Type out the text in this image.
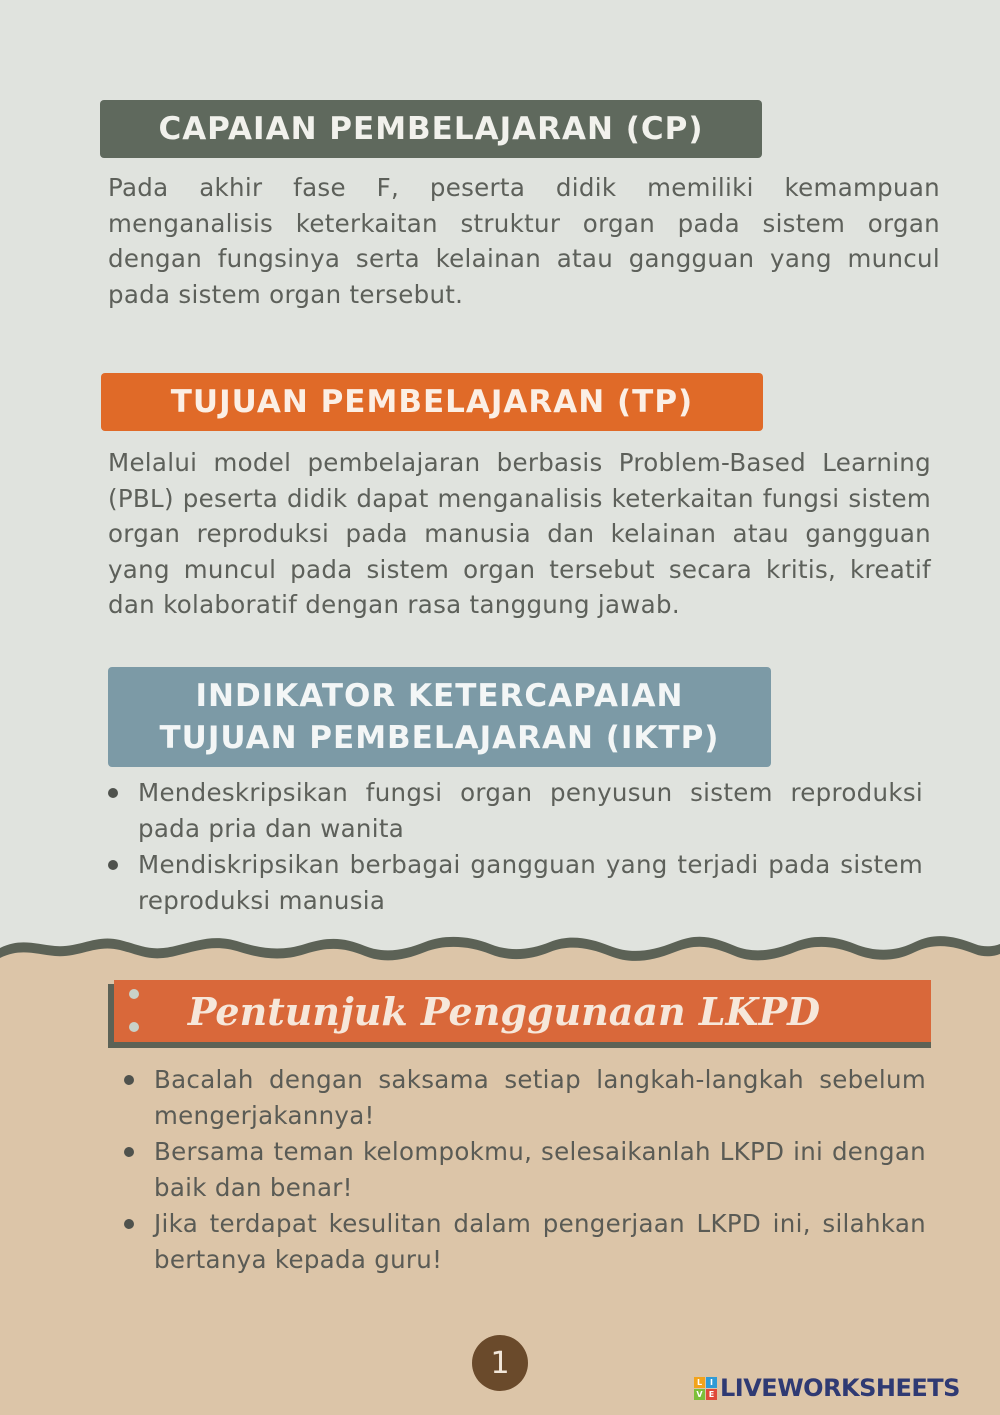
CAPAIAN PEMBELAJARAN (CP)

Pada akhir fase F, peserta didik memiliki kemampuan menganalisis keterkaitan struktur organ pada sistem organ dengan fungsinya serta kelainan atau gangguan yang muncul pada sistem organ tersebut.

TUJUAN PEMBELAJARAN (TP)

Melalui model pembelajaran berbasis Problem-Based Learning (PBL) peserta didik dapat menganalisis keterkaitan fungsi sistem organ reproduksi pada manusia dan kelainan atau gangguan yang muncul pada sistem organ tersebut secara kritis, kreatif dan kolaboratif dengan rasa tanggung jawab.

INDIKATOR KETERCAPAIAN
TUJUAN PEMBELAJARAN (IKTP)
Mendeskripsikan fungsi organ penyusun sistem reproduksi pada pria dan wanita
Mendiskripsikan berbagai gangguan yang terjadi pada sistem reproduksi manusia
Pentunjuk Penggunaan LKPD
Bacalah dengan saksama setiap langkah-langkah sebelum mengerjakannya!
Bersama teman kelompokmu, selesaikanlah LKPD ini dengan baik dan benar!
Jika terdapat kesulitan dalam pengerjaan LKPD ini, silahkan bertanya kepada guru!
1
L I
V E LIVEWORKSHEETS
